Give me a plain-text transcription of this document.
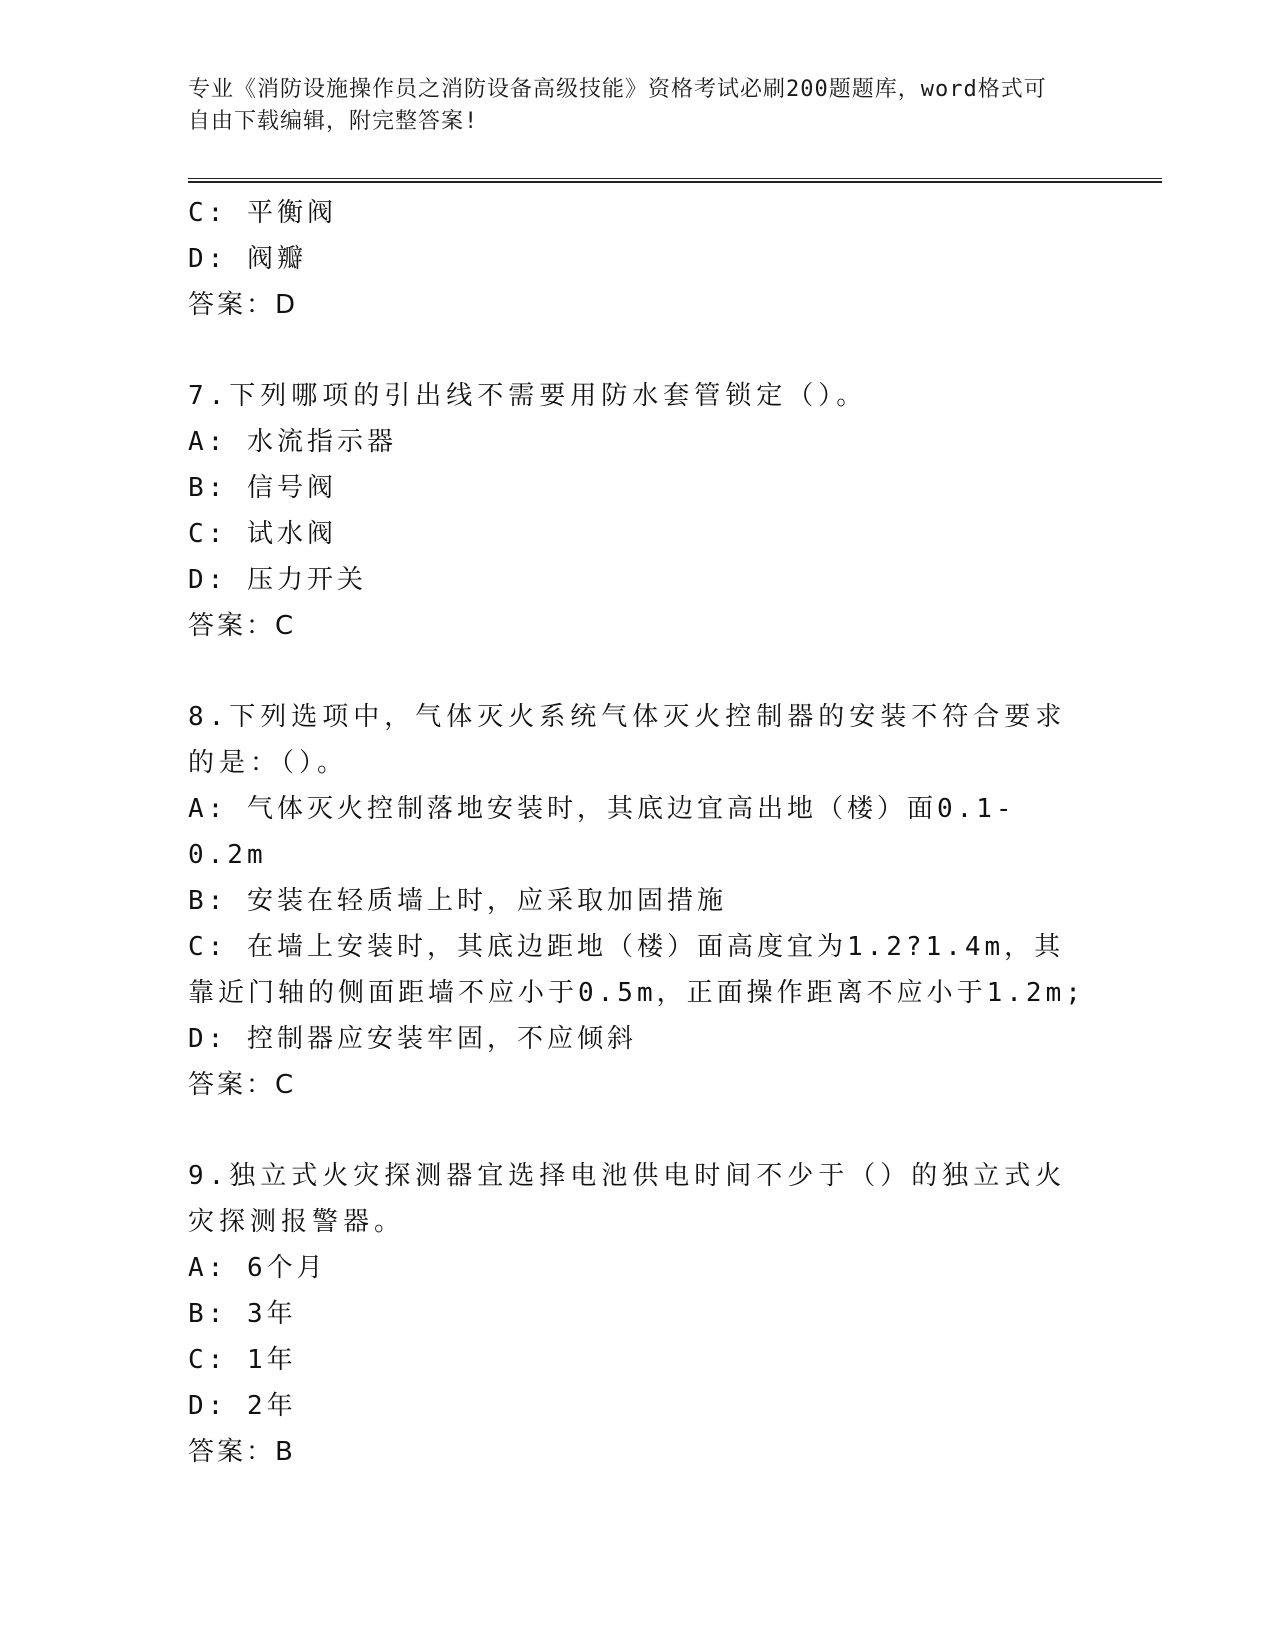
专业《消防设施操作员之消防设备高级技能》资格考试必刷200题题库，word格式可自由下载编辑，附完整答案!
C: 平衡阀
D: 阀瓣
答案：D
7.下列哪项的引出线不需要用防水套管锁定（）。
A: 水流指示器
B: 信号阀
C: 试水阀
D: 压力开关
答案：C
8.下列选项中，气体灭火系统气体灭火控制器的安装不符合要求的是：（）。
A: 气体灭火控制落地安装时，其底边宜高出地（楼）面0.1-0.2m
B: 安装在轻质墙上时，应采取加固措施
C: 在墙上安装时，其底边距地（楼）面高度宜为1.2?1.4m，其靠近门轴的侧面距墙不应小于0.5m，正面操作距离不应小于1.2m;
D: 控制器应安装牢固，不应倾斜
答案：C
9.独立式火灾探测器宜选择电池供电时间不少于（）的独立式火灾探测报警器。
A: 6个月
B: 3年
C: 1年
D: 2年
答案：B
